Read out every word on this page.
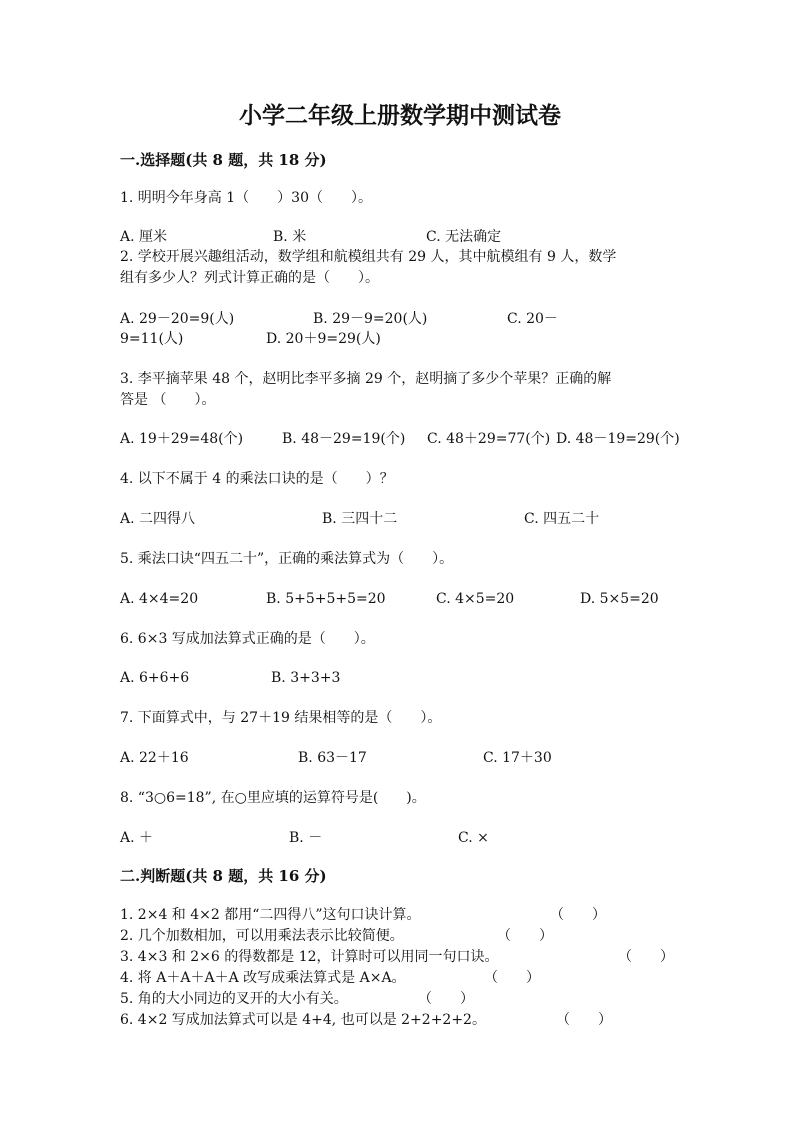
小学二年级上册数学期中测试卷
一.选择题(共 8 题，共 18 分)
1. 明明今年身高 1（　　）30（　　）。
A. 厘米	B. 米	C. 无法确定
2. 学校开展兴趣组活动，数学组和航模组共有 29 人，其中航模组有 9 人，数学
组有多少人？列式计算正确的是（　　）。
A. 29－20=9(人)	B. 29－9=20(人)	C. 20－
9=11(人)	D. 20＋9=29(人)
3. 李平摘苹果 48 个，赵明比李平多摘 29 个，赵明摘了多少个苹果？正确的解
答是 （　　）。
A. 19＋29=48(个)	B. 48－29=19(个) C. 48＋29=77(个) D. 48－19=29(个)
4. 以下不属于 4 的乘法口诀的是（　　）？
A. 二四得八	B. 三四十二	C. 四五二十
5. 乘法口诀“四五二十”，正确的乘法算式为（　　）。
A. 4×4=20	B. 5+5+5+5=20	C. 4×5=20	D. 5×5=20
6. 6×3 写成加法算式正确的是（　　）。
A. 6+6+6	B. 3+3+3
7. 下面算式中，与 27＋19 结果相等的是（　　）。
A. 22＋16	B. 63－17	C. 17＋30
8. “3○6=18”, 在○里应填的运算符号是(　　)。
A. ＋	B. －	C. ×
二.判断题(共 8 题，共 16 分)
1. 2×4 和 4×2 都用“二四得八”这句口诀计算。	（　　）
2. 几个加数相加，可以用乘法表示比较简便。	（　　）
3. 4×3 和 2×6 的得数都是 12，计算时可以用同一句口诀。	（　　）
4. 将 A＋A＋A＋A 改写成乘法算式是 A×A。	（　　）
5. 角的大小同边的叉开的大小有关。	（　　）
6. 4×2 写成加法算式可以是 4+4, 也可以是 2+2+2+2。	（　　）
